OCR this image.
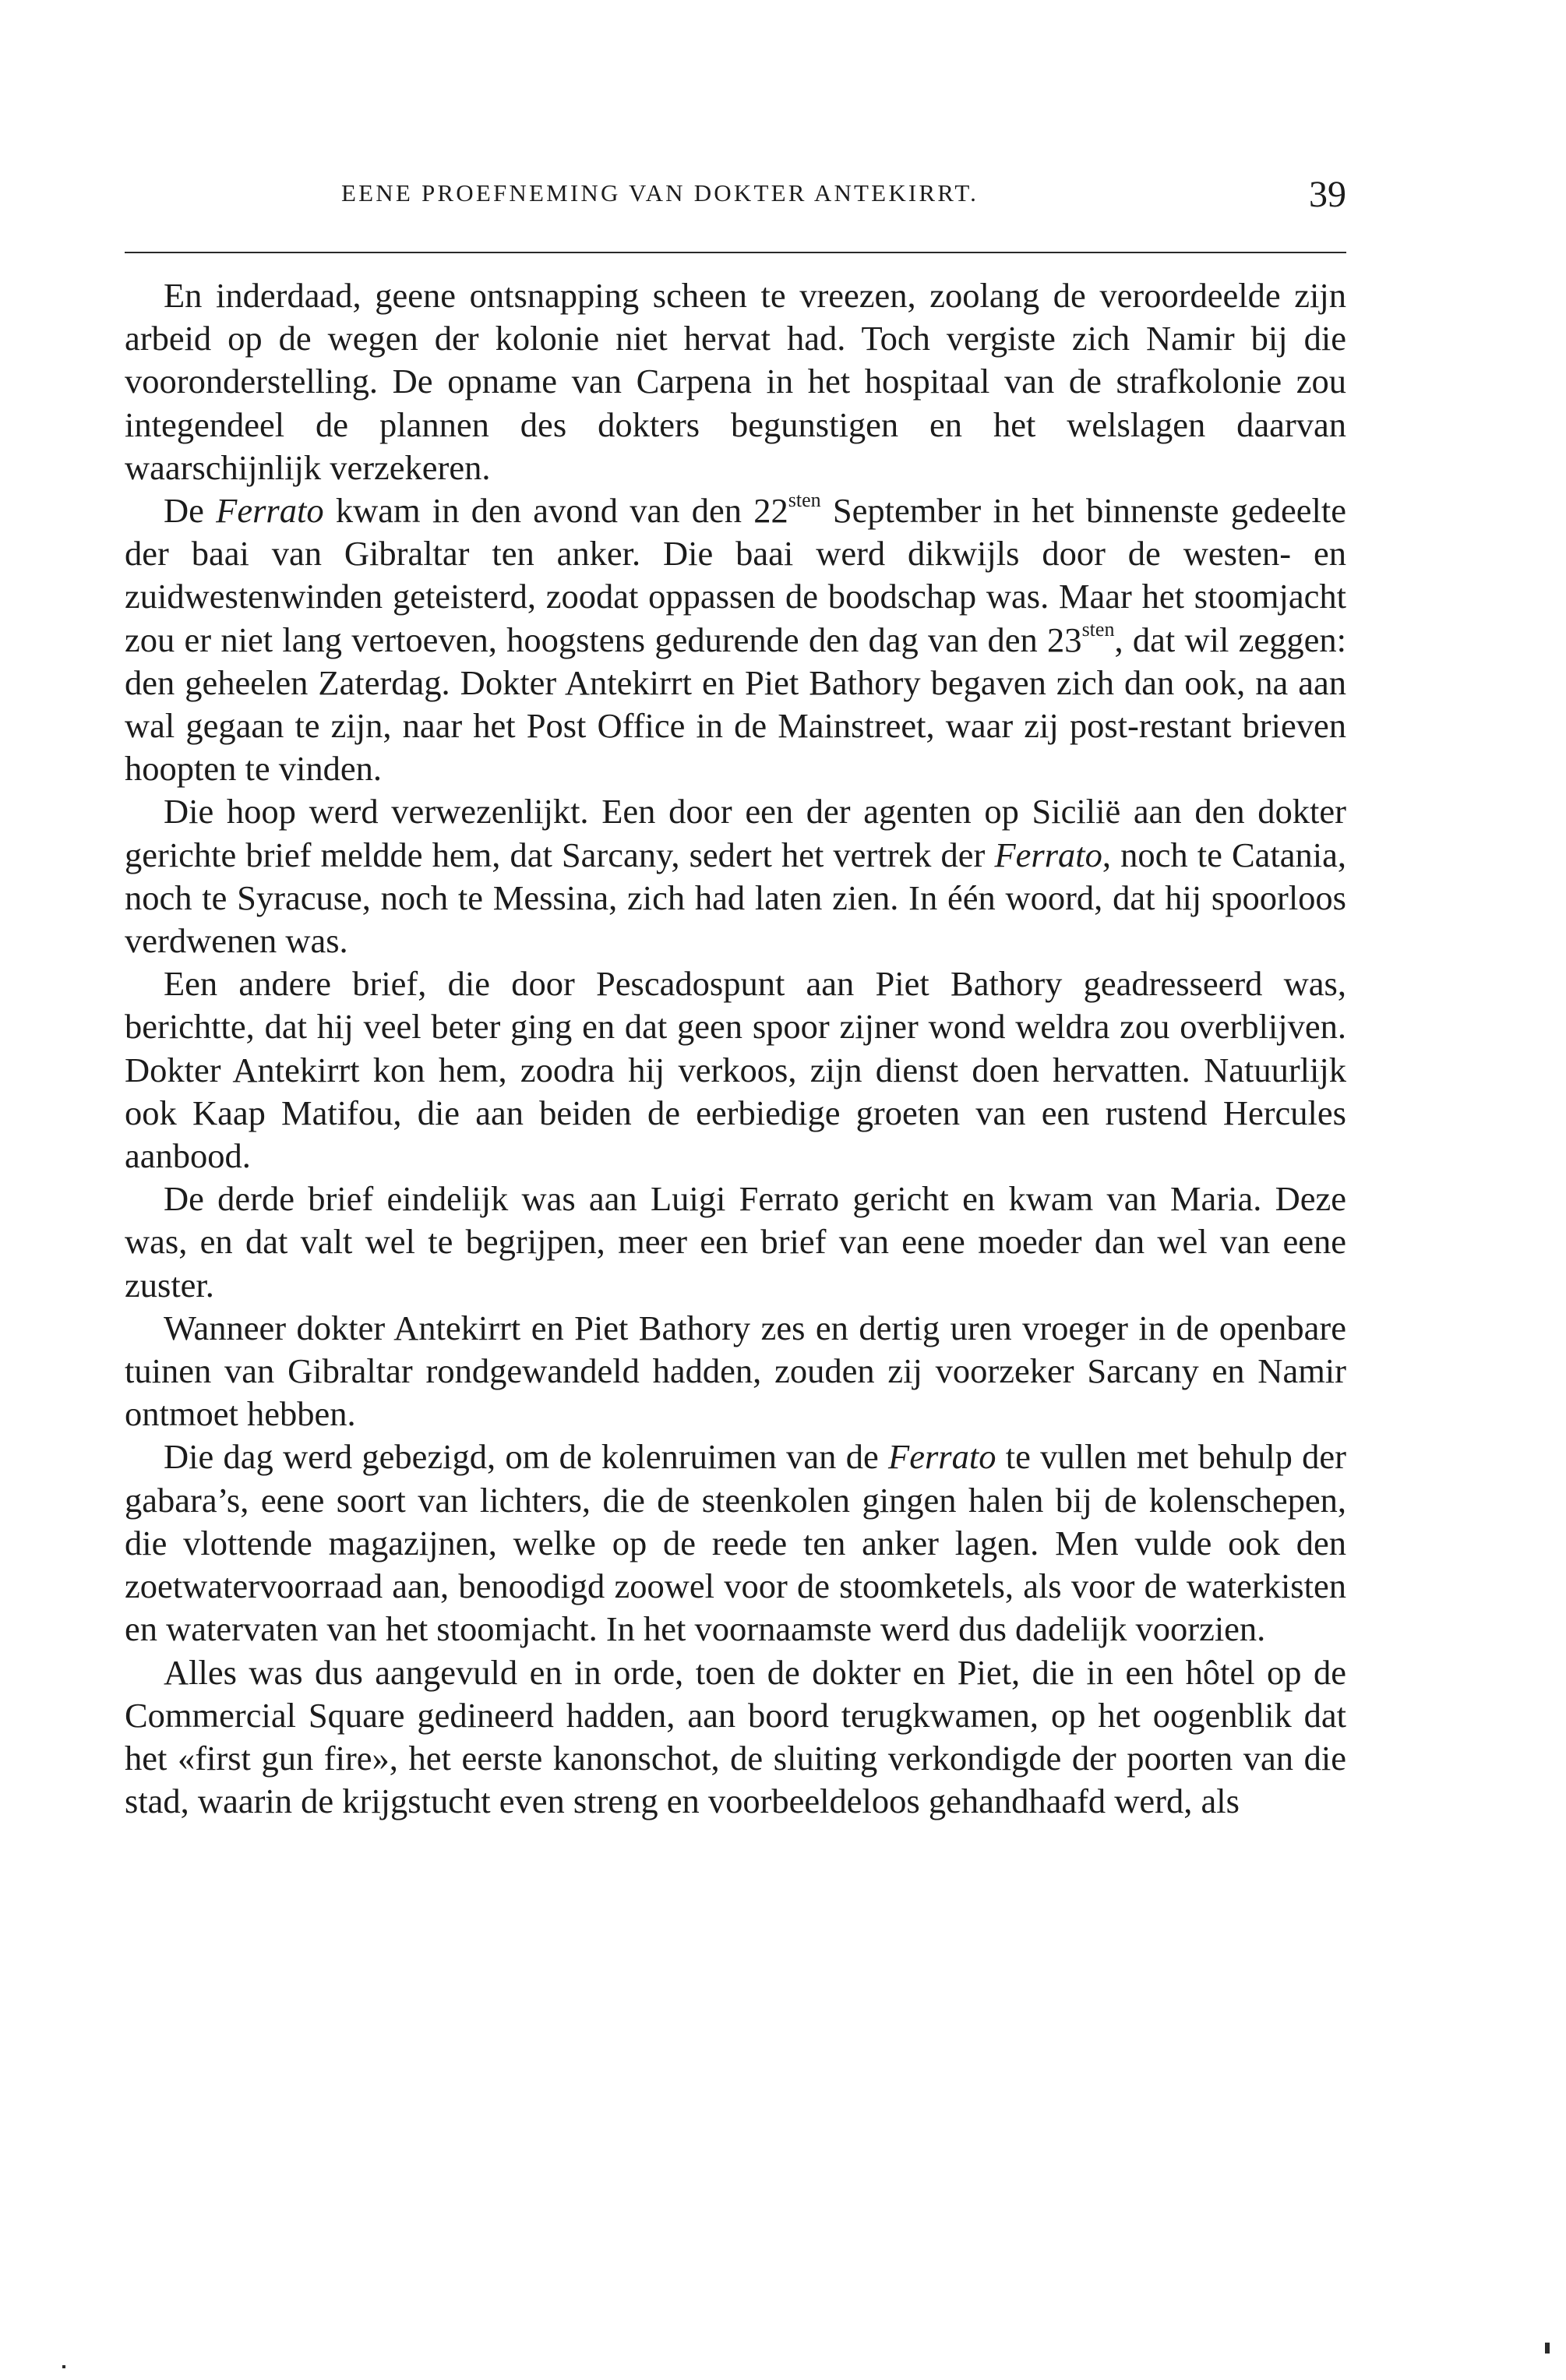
EENE PROEFNEMING VAN DOKTER ANTEKIRRT.	39

En inderdaad, geene ontsnapping scheen te vreezen, zoolang de veroordeelde zijn arbeid op de wegen der kolonie niet hervat had. Toch vergiste zich Namir bij die vooronderstelling. De opname van Carpena in het hospitaal van de strafkolonie zou integendeel de plannen des dokters begunstigen en het welslagen daarvan waarschijnlijk verzekeren.

De Ferrato kwam in den avond van den $22^{sten}$ September in het binnenste gedeelte der baai van Gibraltar ten anker. Die baai werd dikwijls door de westen- en zuidwestenwinden geteisterd, zoodat oppassen de boodschap was. Maar het stoomjacht zou er niet lang vertoeven, hoogstens gedurende den dag van den $23^{sten}$, dat wil zeggen: den geheelen Zaterdag. Dokter Antekirrt en Piet Bathory begaven zich dan ook, na aan wal gegaan te zijn, naar het Post Office in de Mainstreet, waar zij post-restant brieven hoopten te vinden.

Die hoop werd verwezenlijkt. Een door een der agenten op Sicilië aan den dokter gerichte brief meldde hem, dat Sarcany, sedert het vertrek der Ferrato, noch te Catania, noch te Syracuse, noch te Messina, zich had laten zien. In één woord, dat hij spoorloos verdwenen was.

Een andere brief, die door Pescadospunt aan Piet Bathory geadresseerd was, berichtte, dat hij veel beter ging en dat geen spoor zijner wond weldra zou overblijven. Dokter Antekirrt kon hem, zoodra hij verkoos, zijn dienst doen hervatten. Natuurlijk ook Kaap Matifou, die aan beiden de eerbiedige groeten van een rustend Hercules aanbood.

De derde brief eindelijk was aan Luigi Ferrato gericht en kwam van Maria. Deze was, en dat valt wel te begrijpen, meer een brief van eene moeder dan wel van eene zuster.

Wanneer dokter Antekirrt en Piet Bathory zes en dertig uren vroeger in de openbare tuinen van Gibraltar rondgewandeld hadden, zouden zij voorzeker Sarcany en Namir ontmoet hebben.

Die dag werd gebezigd, om de kolenruimen van de Ferrato te vullen met behulp der gabara’s, eene soort van lichters, die de steenkolen gingen halen bij de kolenschepen, die vlottende magazijnen, welke op de reede ten anker lagen. Men vulde ook den zoetwatervoorraad aan, benoodigd zoowel voor de stoomketels, als voor de waterkisten en watervaten van het stoomjacht. In het voornaamste werd dus dadelijk voorzien.

Alles was dus aangevuld en in orde, toen de dokter en Piet, die in een hôtel op de Commercial Square gedineerd hadden, aan boord terugkwamen, op het oogenblik dat het «first gun fire», het eerste kanonschot, de sluiting verkondigde der poorten van die stad, waarin de krijgstucht even streng en voorbeeldeloos gehandhaafd werd, als
